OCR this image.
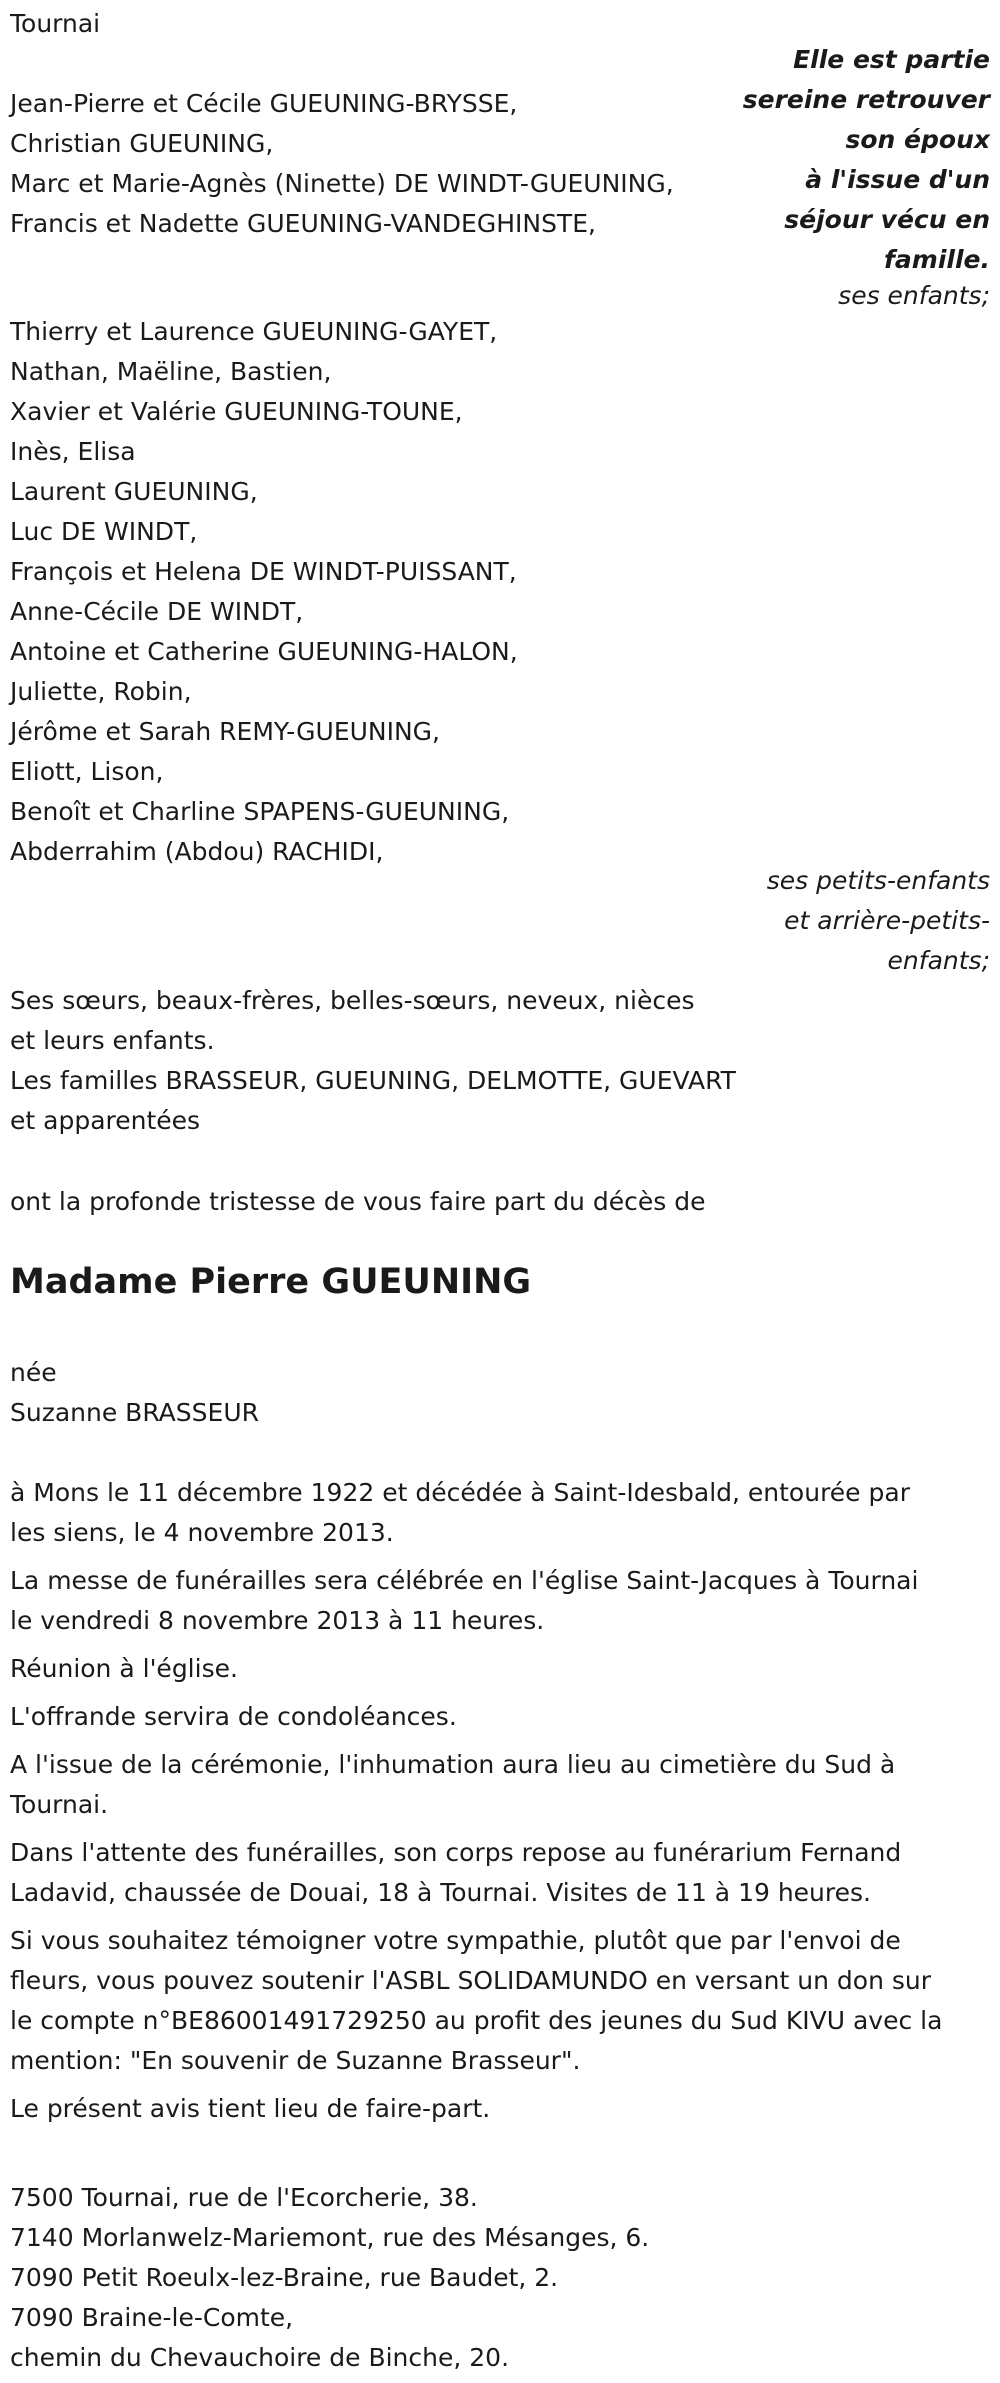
Tournai
Elle est partie
sereine retrouver
son époux
à l'issue d'un
séjour vécu en
famille.
ses enfants;
Jean-Pierre et Cécile GUEUNING-BRYSSE,
Christian GUEUNING,
Marc et Marie-Agnès (Ninette) DE WINDT-GUEUNING,
Francis et Nadette GUEUNING-VANDEGHINSTE,
Thierry et Laurence GUEUNING-GAYET,
Nathan, Maëline, Bastien,
Xavier et Valérie GUEUNING-TOUNE,
Inès, Elisa
Laurent GUEUNING,
Luc DE WINDT,
François et Helena DE WINDT-PUISSANT,
Anne-Cécile DE WINDT,
Antoine et Catherine GUEUNING-HALON,
Juliette, Robin,
Jérôme et Sarah REMY-GUEUNING,
Eliott, Lison,
Benoît et Charline SPAPENS-GUEUNING,
Abderrahim (Abdou) RACHIDI,
ses petits-enfants
et arrière-petits-
enfants;
Ses sœurs, beaux-frères, belles-sœurs, neveux, nièces
et leurs enfants.
Les familles BRASSEUR, GUEUNING, DELMOTTE, GUEVART
et apparentées
ont la profonde tristesse de vous faire part du décès de
Madame Pierre GUEUNING
née
Suzanne BRASSEUR
à Mons le 11 décembre 1922 et décédée à Saint-Idesbald, entourée par
les siens, le 4 novembre 2013.
La messe de funérailles sera célébrée en l'église Saint-Jacques à Tournai
le vendredi 8 novembre 2013 à 11 heures.
Réunion à l'église.
L'offrande servira de condoléances.
A l'issue de la cérémonie, l'inhumation aura lieu au cimetière du Sud à
Tournai.
Dans l'attente des funérailles, son corps repose au funérarium Fernand
Ladavid, chaussée de Douai, 18 à Tournai. Visites de 11 à 19 heures.
Si vous souhaitez témoigner votre sympathie, plutôt que par l'envoi de
fleurs, vous pouvez soutenir l'ASBL SOLIDAMUNDO en versant un don sur
le compte n°BE86001491729250 au profit des jeunes du Sud KIVU avec la
mention: "En souvenir de Suzanne Brasseur".
Le présent avis tient lieu de faire-part.
7500 Tournai, rue de l'Ecorcherie, 38.
7140 Morlanwelz-Mariemont, rue des Mésanges, 6.
7090 Petit Roeulx-lez-Braine, rue Baudet, 2.
7090 Braine-le-Comte,
chemin du Chevauchoire de Binche, 20.
